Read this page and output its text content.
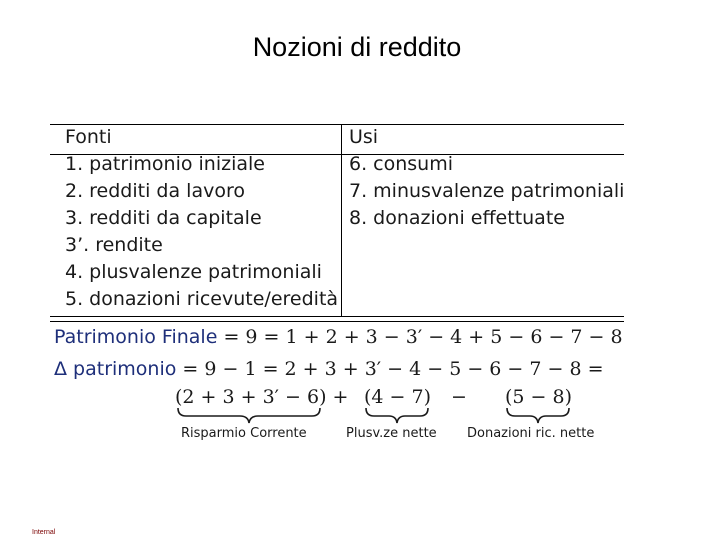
Nozioni di reddito
Fonti	Usi
1. patrimonio iniziale
2. redditi da lavoro
3. redditi da capitale
3’. rendite
4. plusvalenze patrimoniali
5. donazioni ricevute/eredità
6. consumi
7. minusvalenze patrimoniali
8. donazioni effettuate
Patrimonio Finale = 9 = 1 + 2 + 3 − 3′ − 4 + 5 − 6 − 7 − 8
Δ patrimonio = 9 − 1 = 2 + 3 + 3′ − 4 − 5 − 6 − 7 − 8 =
(2 + 3 + 3′ − 6) + (4 − 7) − (5 − 8)
Risparmio Corrente	Plusv.ze nette Donazioni ric. nette
Internal
